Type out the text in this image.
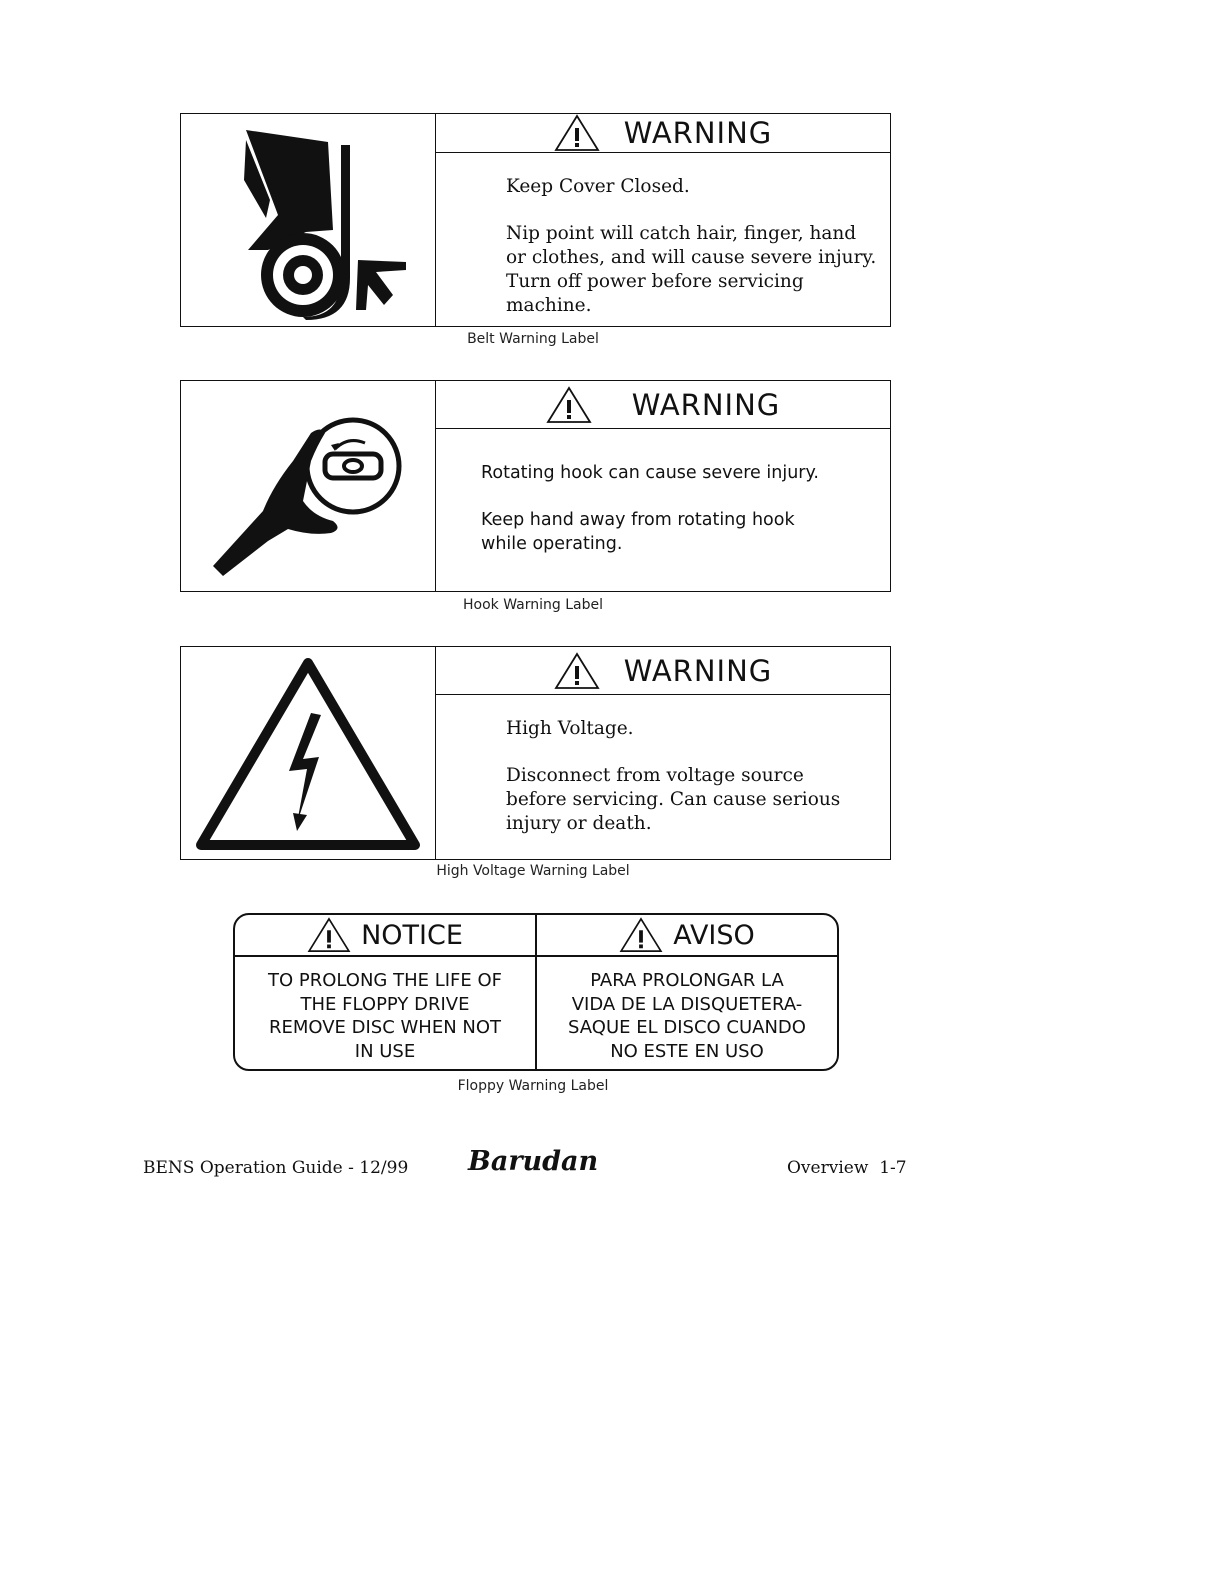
WARNING

Keep Cover Closed.

Nip point will catch hair, finger, hand
or clothes, and will cause severe injury.
Turn off power before servicing machine.

Belt Warning Label
WARNING

Rotating hook can cause severe injury.

Keep hand away from rotating hook
while operating.

Hook Warning Label
WARNING

High Voltage.

Disconnect from voltage source
before servicing. Can cause serious
injury or death.

High Voltage Warning Label
NOTICE
TO PROLONG THE LIFE OF
THE FLOPPY DRIVE
REMOVE DISC WHEN NOT
IN USE
AVISO
PARA PROLONGAR LA
VIDA DE LA DISQUETERA-
SAQUE EL DISCO CUANDO
NO ESTE EN USO
Floppy Warning Label
BENS Operation Guide - 12/99 Barudan	Overview  1-7
